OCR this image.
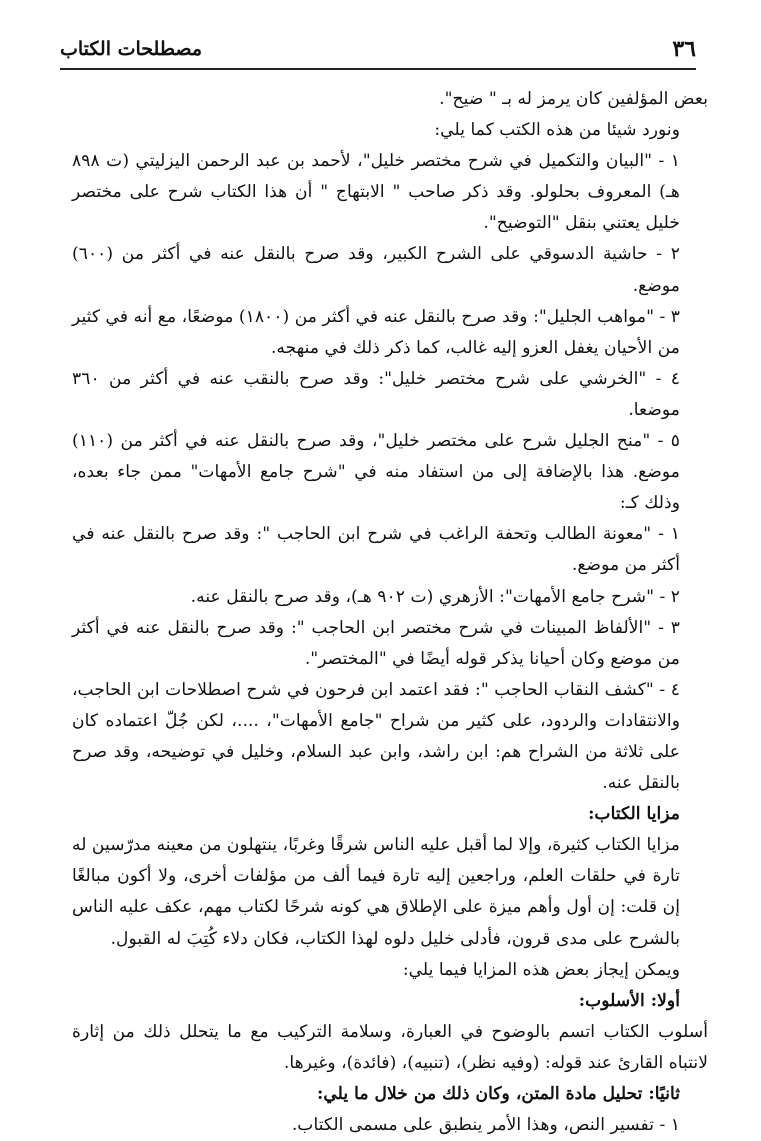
٣٦
مصطلحات الكتاب

بعض المؤلفين كان يرمز له بـ " ضيح".

ونورد شيئا من هذه الكتب كما يلي:

١ - "البيان والتكميل في شرح مختصر خليل"، لأحمد بن عبد الرحمن اليزليتي (ت ٨٩٨ هـ) المعروف بحلولو. وقد ذكر صاحب " الابتهاج " أن هذا الكتاب شرح على مختصر خليل يعتني بنقل "التوضيح".

٢ - حاشية الدسوقي على الشرح الكبير، وقد صرح بالنقل عنه في أكثر من (٦٠٠) موضع.

٣ - "مواهب الجليل": وقد صرح بالنقل عنه في أكثر من (١٨٠٠) موضعًا، مع أنه في كثير من الأحيان يغفل العزو إليه غالب، كما ذكر ذلك في منهجه.

٤ - "الخرشي على شرح مختصر خليل": وقد صرح بالنقب عنه في أكثر من ٣٦٠ موضعا.

٥ - "منح الجليل شرح على مختصر خليل"، وقد صرح بالنقل عنه في أكثر من (١١٠) موضع. هذا بالإضافة إلى من استفاد منه في "شرح جامع الأمهات" ممن جاء بعده، وذلك كـ:

١ - "معونة الطالب وتحفة الراغب في شرح ابن الحاجب ": وقد صرح بالنقل عنه في أكثر من موضع.

٢ - "شرح جامع الأمهات": الأزهري (ت ٩٠٢ هـ)، وقد صرح بالنقل عنه.

٣ - "الألفاظ المبينات في شرح مختصر ابن الحاجب ": وقد صرح بالنقل عنه في أكثر من موضع وكان أحيانا يذكر قوله أيضًا في "المختصر".

٤ - "كشف النقاب الحاجب ": فقد اعتمد ابن فرحون في شرح اصطلاحات ابن الحاجب، والانتقادات والردود، على كثير من شراح "جامع الأمهات"، ....، لكن جُلّ اعتماده كان على ثلاثة من الشراح هم: ابن راشد، وابن عبد السلام، وخليل في توضيحه، وقد صرح بالنقل عنه.

مزايا الكتاب:

مزايا الكتاب كثيرة، وإلا لما أقبل عليه الناس شرقًا وغربًا، ينتهلون من معينه مدرّسين له تارة في حلقات العلم، وراجعين إليه تارة فيما ألف من مؤلفات أخرى، ولا أكون مبالغًا إن قلت: إن أول وأهم ميزة على الإطلاق هي كونه شرحًا لكتاب مهم، عكف عليه الناس بالشرح على مدى قرون، فأدلى خليل دلوه لهذا الكتاب، فكان دلاء كُتِبَ له القبول.

ويمكن إيجاز بعض هذه المزايا فيما يلي:

أولا: الأسلوب:

أسلوب الكتاب اتسم بالوضوح في العبارة، وسلامة التركيب مع ما يتحلل ذلك من إثارة لانتباه القارئ عند قوله: (وفيه نظر)، (تنبيه)، (فائدة)، وغيرها.

ثانيًا: تحليل مادة المتن، وكان ذلك من خلال ما يلي:

١ - تفسير النص، وهذا الأمر ينطبق على مسمى الكتاب.
